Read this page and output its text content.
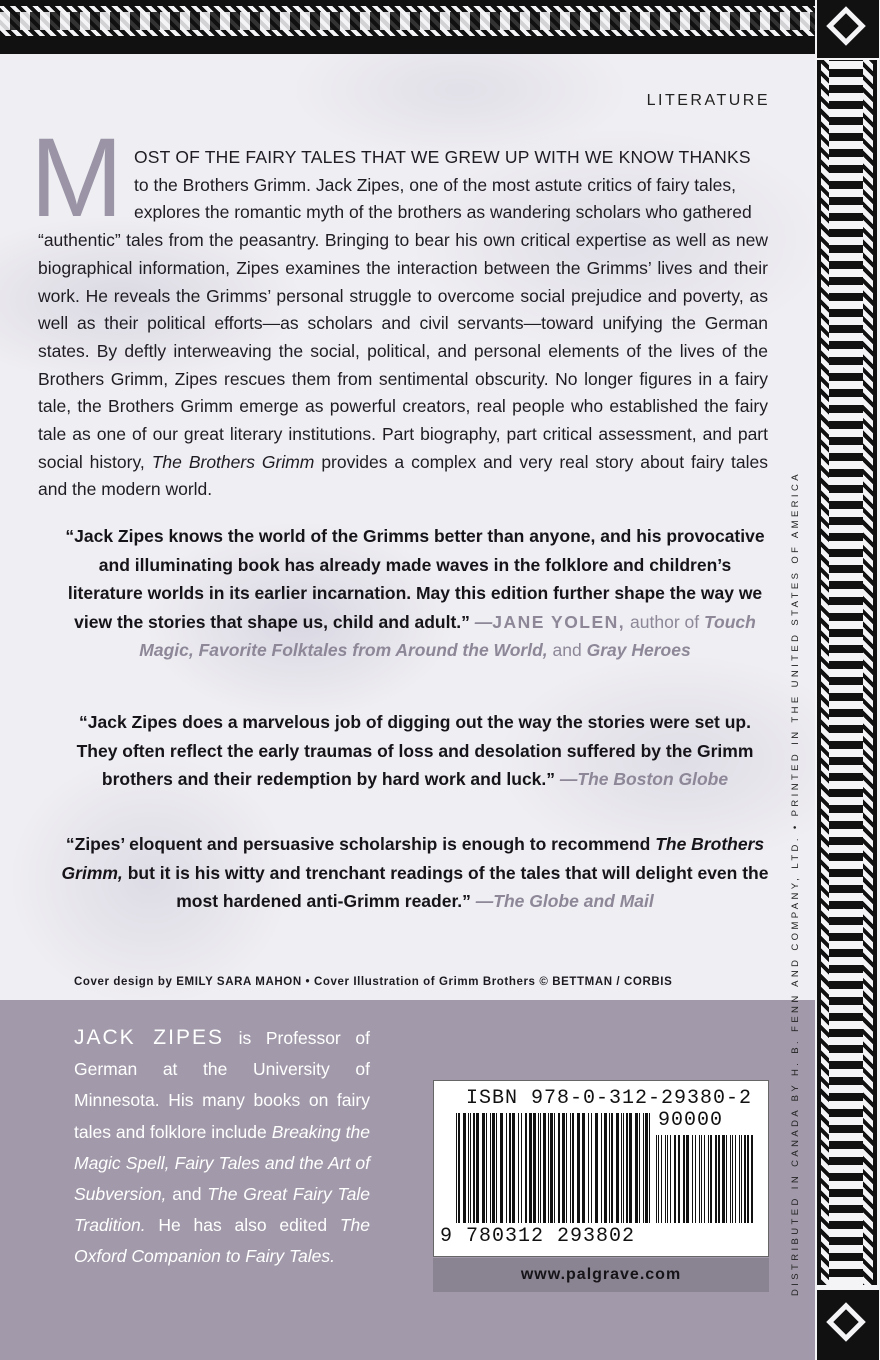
LITERATURE
M OST OF THE FAIRY TALES THAT WE GREW UP WITH WE KNOW THANKS
to the Brothers Grimm. Jack Zipes, one of the most astute critics of fairy tales,
explores the romantic myth of the brothers as wandering scholars who gathered
“authentic” tales from the peasantry. Bringing to bear his own critical expertise as well as new biographical information, Zipes examines the interaction between the Grimms’ lives and their work. He reveals the Grimms’ personal struggle to overcome social prejudice and poverty, as well as their political efforts—as scholars and civil servants—toward unifying the German states. By deftly interweaving the social, political, and personal elements of the lives of the Brothers Grimm, Zipes rescues them from sentimental obscurity. No longer figures in a fairy tale, the Brothers Grimm emerge as powerful creators, real people who established the fairy tale as one of our great literary institutions. Part biography, part critical assessment, and part social history, The Brothers Grimm provides a complex and very real story about fairy tales and the modern world.
“Jack Zipes knows the world of the Grimms better than anyone, and his provocative and illuminating book has already made waves in the folklore and children’s literature worlds in its earlier incarnation. May this edition further shape the way we view the stories that shape us, child and adult.” —JANE YOLEN, author of Touch Magic, Favorite Folktales from Around the World, and Gray Heroes
“Jack Zipes does a marvelous job of digging out the way the stories were set up. They often reflect the early traumas of loss and desolation suffered by the Grimm brothers and their redemption by hard work and luck.” —The Boston Globe
“Zipes’ eloquent and persuasive scholarship is enough to recommend The Brothers Grimm, but it is his witty and trenchant readings of the tales that will delight even the most hardened anti-Grimm reader.” —The Globe and Mail
Cover design by EMILY SARA MAHON • Cover Illustration of Grimm Brothers © BETTMAN / CORBIS
JACK ZIPES is Professor of German at the University of Minnesota. His many books on fairy tales and folklore include Breaking the Magic Spell, Fairy Tales and the Art of Subversion, and The Great Fairy Tale Tradition. He has also edited The Oxford Companion to Fairy Tales.
ISBN 978-0-312-29380-2
90000
9 780312 293802
www.palgrave.com	DISTRIBUTED IN CANADA BY H. B. FENN AND COMPANY, LTD. • PRINTED IN THE UNITED STATES OF AMERICA
